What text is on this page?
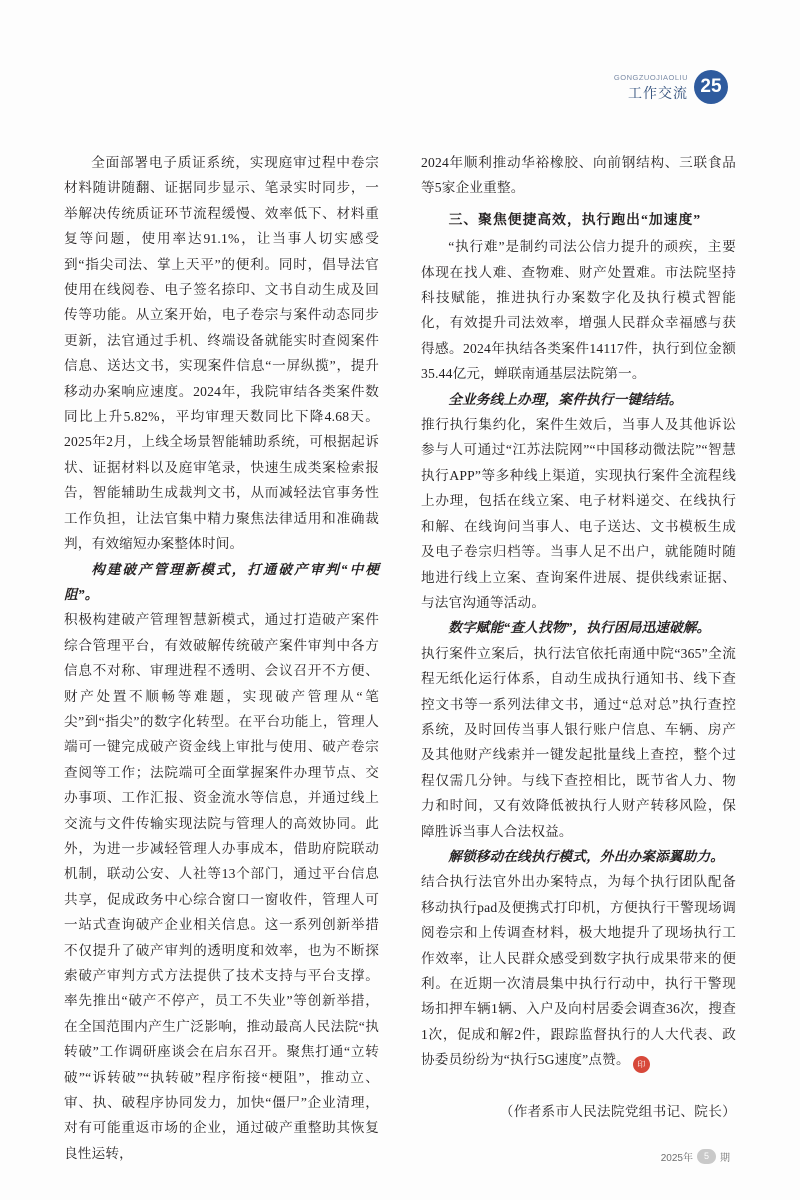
GONGZUOJIAOLIU
工作交流 25

全面部署电子质证系统，实现庭审过程中卷宗材料随讲随翻、证据同步显示、笔录实时同步，一举解决传统质证环节流程缓慢、效率低下、材料重复等问题，使用率达91.1%，让当事人切实感受到“指尖司法、掌上天平”的便利。同时，倡导法官使用在线阅卷、电子签名捺印、文书自动生成及回传等功能。从立案开始，电子卷宗与案件动态同步更新，法官通过手机、终端设备就能实时查阅案件信息、送达文书，实现案件信息“一屏纵揽”，提升移动办案响应速度。2024年，我院审结各类案件数同比上升5.82%，平均审理天数同比下降4.68天。2025年2月，上线全场景智能辅助系统，可根据起诉状、证据材料以及庭审笔录，快速生成类案检索报告，智能辅助生成裁判文书，从而减轻法官事务性工作负担，让法官集中精力聚焦法律适用和准确裁判，有效缩短办案整体时间。

构建破产管理新模式，打通破产审判“中梗阻”。

积极构建破产管理智慧新模式，通过打造破产案件综合管理平台，有效破解传统破产案件审判中各方信息不对称、审理进程不透明、会议召开不方便、财产处置不顺畅等难题，实现破产管理从“笔尖”到“指尖”的数字化转型。在平台功能上，管理人端可一键完成破产资金线上审批与使用、破产卷宗查阅等工作；法院端可全面掌握案件办理节点、交办事项、工作汇报、资金流水等信息，并通过线上交流与文件传输实现法院与管理人的高效协同。此外，为进一步减轻管理人办事成本，借助府院联动机制，联动公安、人社等13个部门，通过平台信息共享，促成政务中心综合窗口一窗收件，管理人可一站式查询破产企业相关信息。这一系列创新举措不仅提升了破产审判的透明度和效率，也为不断探索破产审判方式方法提供了技术支持与平台支撑。率先推出“破产不停产，员工不失业”等创新举措，在全国范围内产生广泛影响，推动最高人民法院“执转破”工作调研座谈会在启东召开。聚焦打通“立转破”“诉转破”“执转破”程序衔接“梗阻”，推动立、审、执、破程序协同发力，加快“僵尸”企业清理，对有可能重返市场的企业，通过破产重整助其恢复良性运转，

2024年顺利推动华裕橡胶、向前钢结构、三联食品等5家企业重整。

三、聚焦便捷高效，执行跑出“加速度”

“执行难”是制约司法公信力提升的顽疾，主要体现在找人难、查物难、财产处置难。市法院坚持科技赋能，推进执行办案数字化及执行模式智能化，有效提升司法效率，增强人民群众幸福感与获得感。2024年执结各类案件14117件，执行到位金额35.44亿元，蝉联南通基层法院第一。

全业务线上办理，案件执行一键结结。

推行执行集约化，案件生效后，当事人及其他诉讼参与人可通过“江苏法院网”“中国移动微法院”“智慧执行APP”等多种线上渠道，实现执行案件全流程线上办理，包括在线立案、电子材料递交、在线执行和解、在线询问当事人、电子送达、文书模板生成及电子卷宗归档等。当事人足不出户，就能随时随地进行线上立案、查询案件进展、提供线索证据、与法官沟通等活动。

数字赋能“查人找物”，执行困局迅速破解。

执行案件立案后，执行法官依托南通中院“365”全流程无纸化运行体系，自动生成执行通知书、线下查控文书等一系列法律文书，通过“总对总”执行查控系统，及时回传当事人银行账户信息、车辆、房产及其他财产线索并一键发起批量线上查控，整个过程仅需几分钟。与线下查控相比，既节省人力、物力和时间，又有效降低被执行人财产转移风险，保障胜诉当事人合法权益。

解锁移动在线执行模式，外出办案添翼助力。

结合执行法官外出办案特点，为每个执行团队配备移动执行pad及便携式打印机，方便执行干警现场调阅卷宗和上传调查材料，极大地提升了现场执行工作效率，让人民群众感受到数字执行成果带来的便利。在近期一次清晨集中执行行动中，执行干警现场扣押车辆1辆、入户及向村居委会调查36次，搜查1次，促成和解2件，跟踪监督执行的人大代表、政协委员纷纷为“执行5G速度”点赞。 印

（作者系市人民法院党组书记、院长）

2025年	5	期
